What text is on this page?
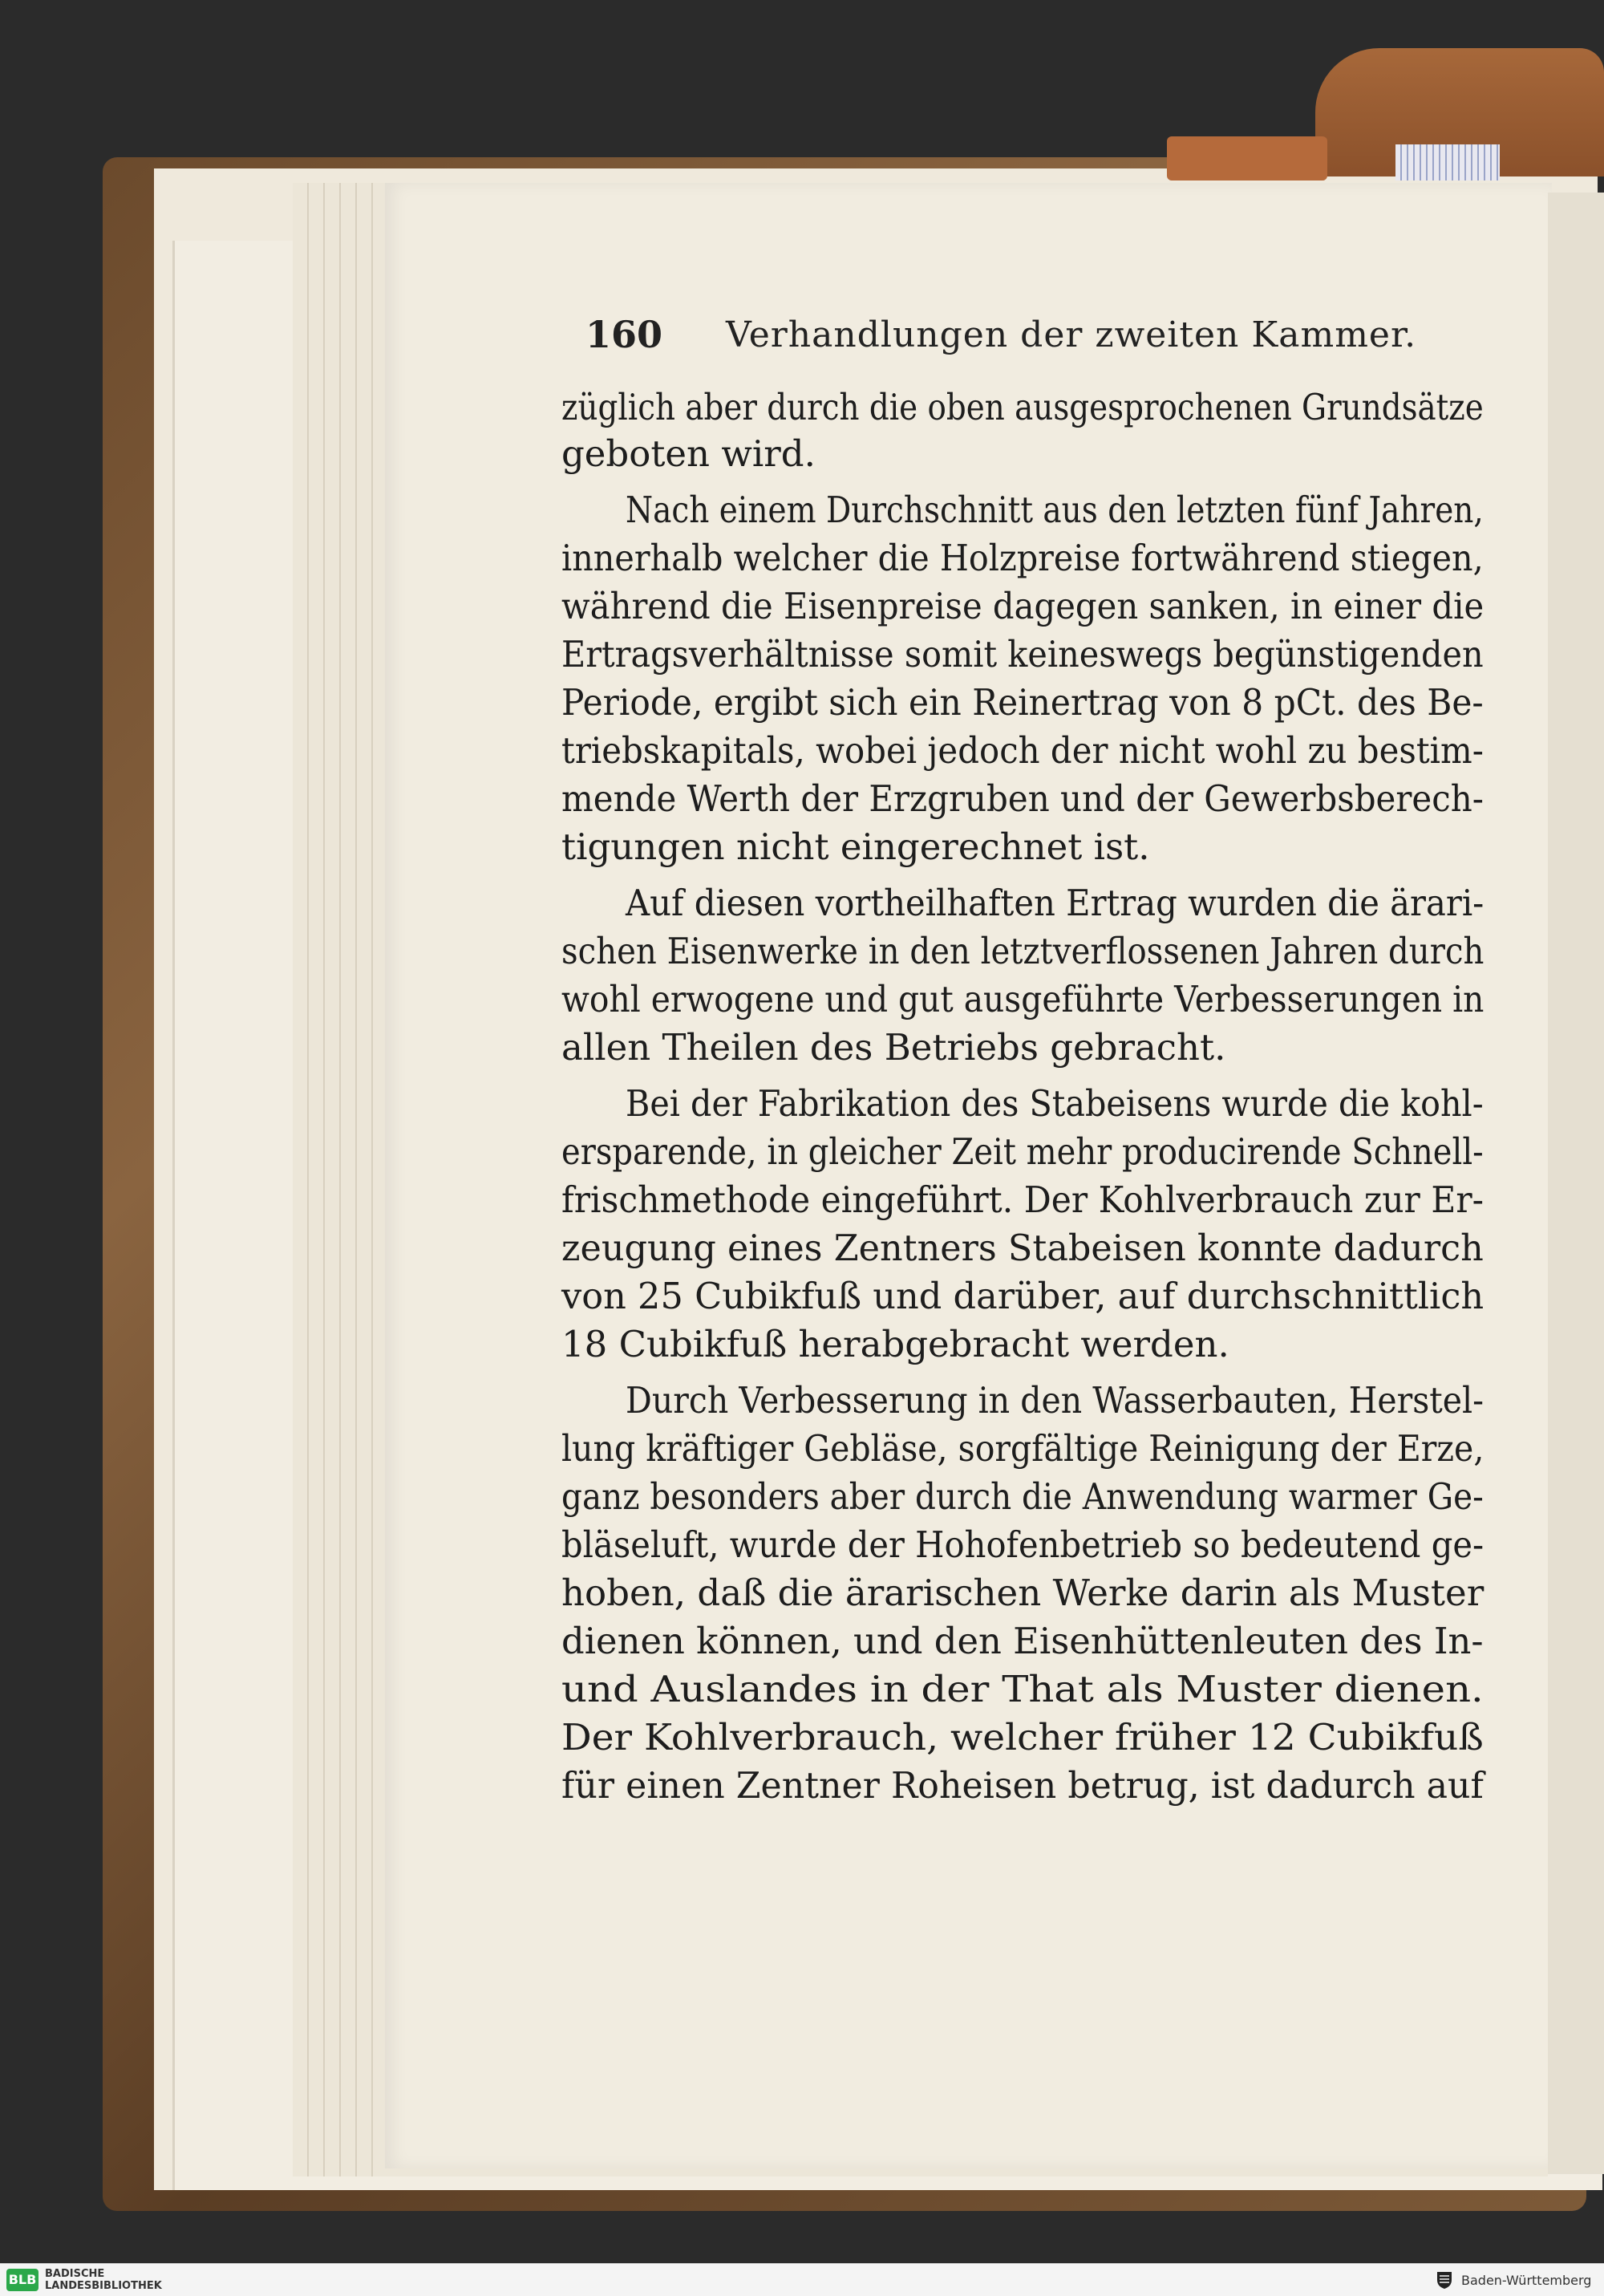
160 Verhandlungen der zweiten Kammer.
züglich aber durch die oben ausgesprochenen Grundsätze
geboten wird.
Nach einem Durchschnitt aus den letzten fünf Jahren,
innerhalb welcher die Holzpreise fortwährend stiegen,
während die Eisenpreise dagegen sanken, in einer die
Ertragsverhältnisse somit keineswegs begünstigenden
Periode, ergibt sich ein Reinertrag von 8 pCt. des Be-
triebskapitals, wobei jedoch der nicht wohl zu bestim-
mende Werth der Erzgruben und der Gewerbsberech-
tigungen nicht eingerechnet ist.
Auf diesen vortheilhaften Ertrag wurden die ärari-
schen Eisenwerke in den letztverflossenen Jahren durch
wohl erwogene und gut ausgeführte Verbesserungen in
allen Theilen des Betriebs gebracht.
Bei der Fabrikation des Stabeisens wurde die kohl-
ersparende, in gleicher Zeit mehr producirende Schnell-
frischmethode eingeführt. Der Kohlverbrauch zur Er-
zeugung eines Zentners Stabeisen konnte dadurch
von 25 Cubikfuß und darüber, auf durchschnittlich
18 Cubikfuß herabgebracht werden.
Durch Verbesserung in den Wasserbauten, Herstel-
lung kräftiger Gebläse, sorgfältige Reinigung der Erze,
ganz besonders aber durch die Anwendung warmer Ge-
bläseluft, wurde der Hohofenbetrieb so bedeutend ge-
hoben, daß die ärarischen Werke darin als Muster
dienen können, und den Eisenhüttenleuten des In-
und Auslandes in der That als Muster dienen.
Der Kohlverbrauch, welcher früher 12 Cubikfuß
für einen Zentner Roheisen betrug, ist dadurch auf
BLB BADISCHE
LANDESBIBLIOTHEK	Baden-Württemberg
